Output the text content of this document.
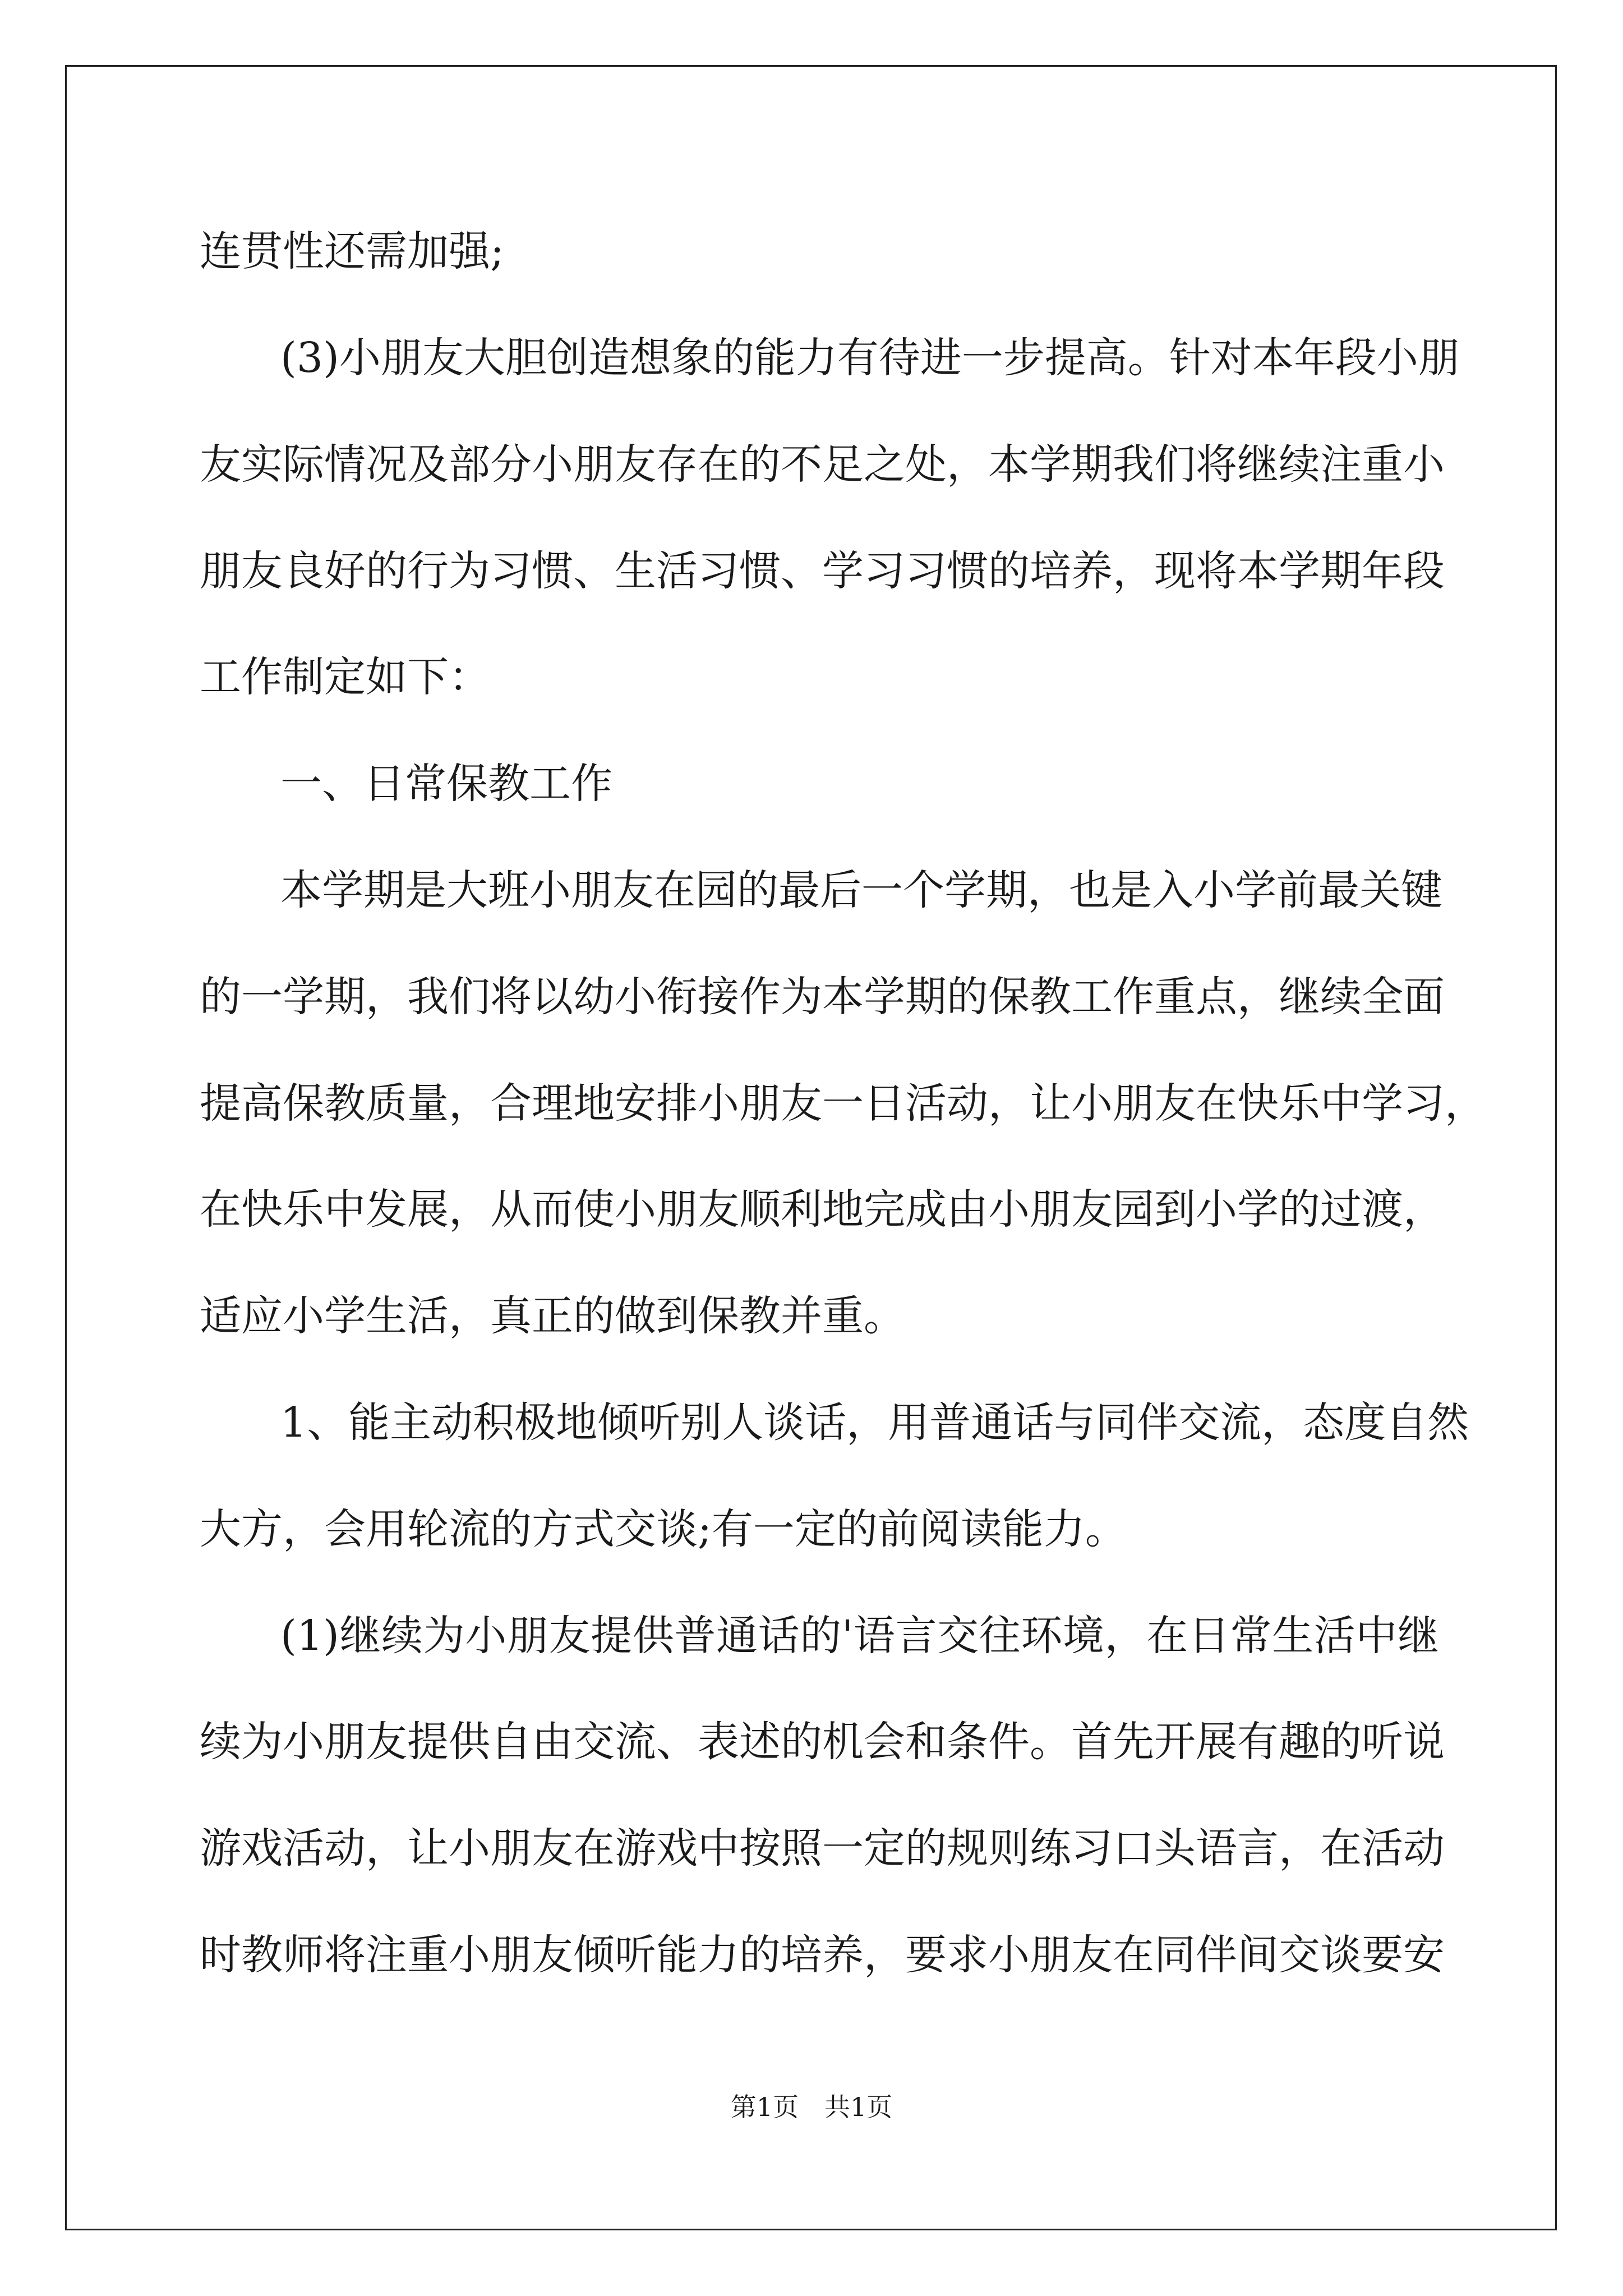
连贯性还需加强;
(3)小朋友大胆创造想象的能力有待进一步提高。针对本年段小朋
友实际情况及部分小朋友存在的不足之处，本学期我们将继续注重小
朋友良好的行为习惯、生活习惯、学习习惯的培养，现将本学期年段
工作制定如下：
一、日常保教工作
本学期是大班小朋友在园的最后一个学期，也是入小学前最关键
的一学期，我们将以幼小衔接作为本学期的保教工作重点，继续全面
提高保教质量，合理地安排小朋友一日活动，让小朋友在快乐中学习，
在快乐中发展，从而使小朋友顺利地完成由小朋友园到小学的过渡，
适应小学生活，真正的做到保教并重。
1、能主动积极地倾听别人谈话，用普通话与同伴交流，态度自然
大方，会用轮流的方式交谈;有一定的前阅读能力。
(1)继续为小朋友提供普通话的'语言交往环境，在日常生活中继
续为小朋友提供自由交流、表述的机会和条件。首先开展有趣的听说
游戏活动，让小朋友在游戏中按照一定的规则练习口头语言，在活动
时教师将注重小朋友倾听能力的培养，要求小朋友在同伴间交谈要安
第1页　共1页
